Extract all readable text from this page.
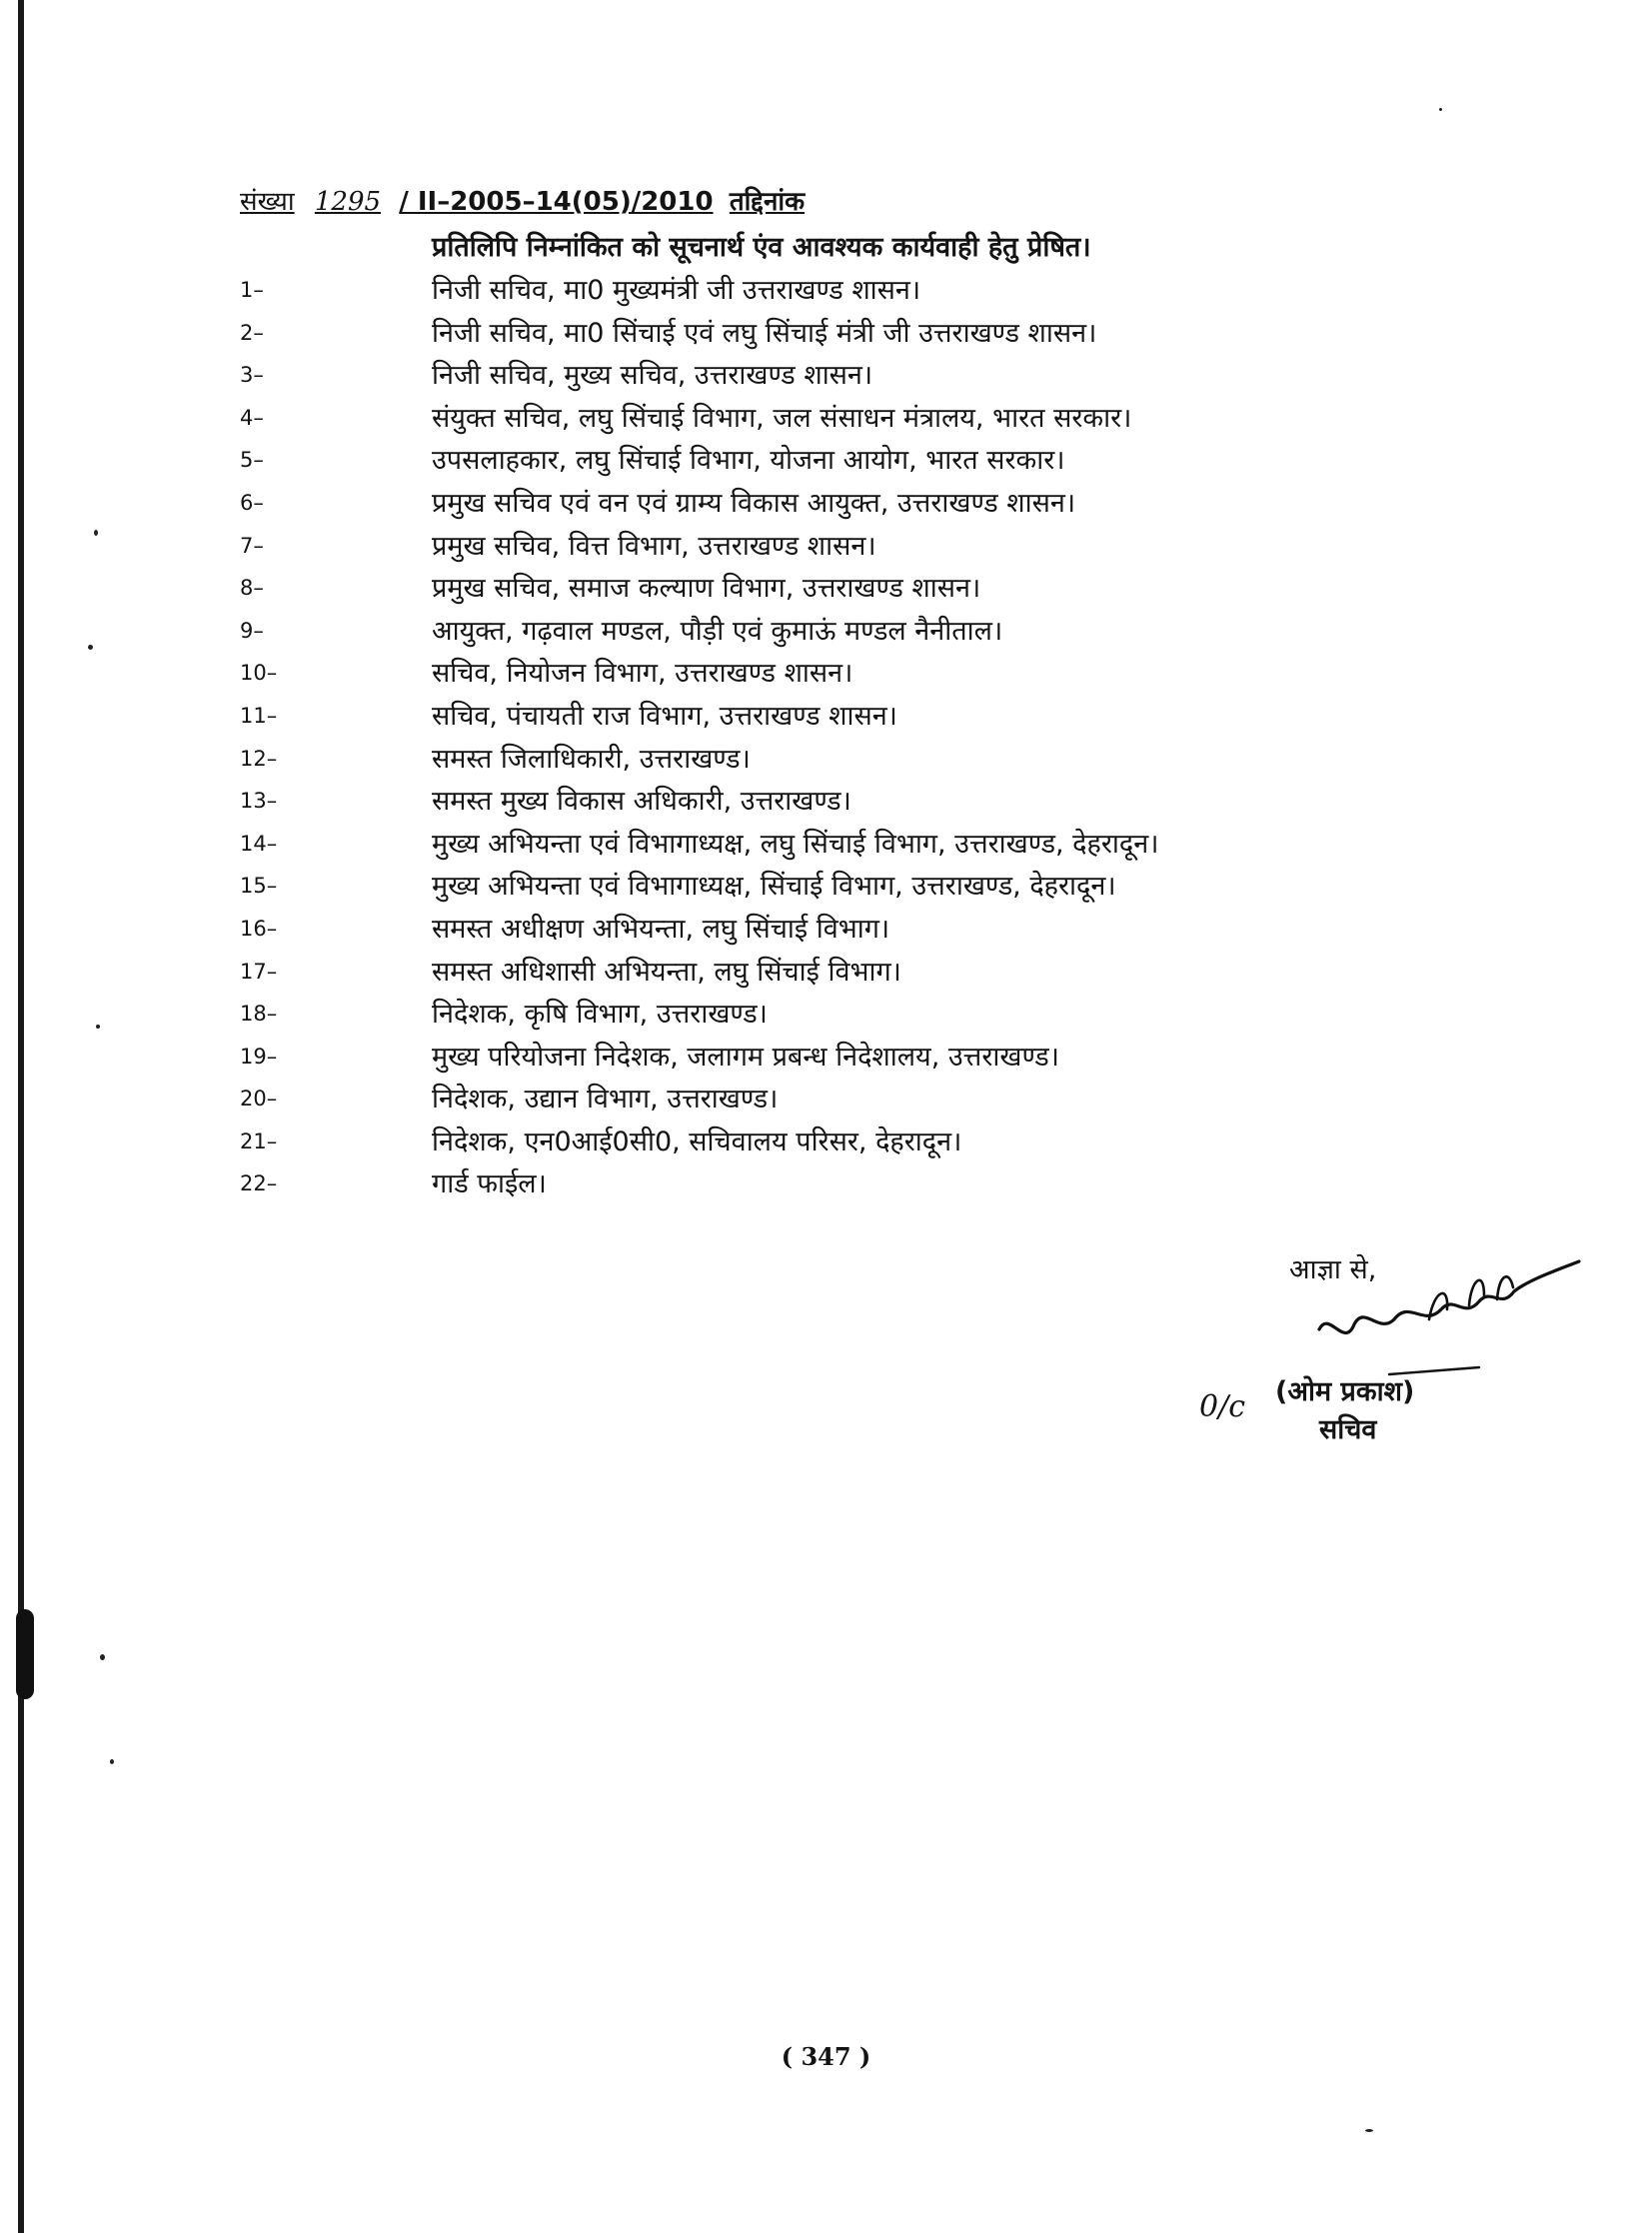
संख्या 1295 / II–2005–14(05)/2010 तद्दिनांक
प्रतिलिपि निम्नांकित को सूचनार्थ एंव आवश्यक कार्यवाही हेतु प्रेषित।
1–	निजी सचिव, मा0 मुख्यमंत्री जी उत्तराखण्ड शासन।
2–	निजी सचिव, मा0 सिंचाई एवं लघु सिंचाई मंत्री जी उत्तराखण्ड शासन।
3–	निजी सचिव, मुख्य सचिव, उत्तराखण्ड शासन।
4–	संयुक्त सचिव, लघु सिंचाई विभाग, जल संसाधन मंत्रालय, भारत सरकार।
5–	उपसलाहकार, लघु सिंचाई विभाग, योजना आयोग, भारत सरकार।
6–	प्रमुख सचिव एवं वन एवं ग्राम्य विकास आयुक्त, उत्तराखण्ड शासन।
7–	प्रमुख सचिव, वित्त विभाग, उत्तराखण्ड शासन।
8–	प्रमुख सचिव, समाज कल्याण विभाग, उत्तराखण्ड शासन।
9–	आयुक्त, गढ़वाल मण्डल, पौड़ी एवं कुमाऊं मण्डल नैनीताल।
10–	सचिव, नियोजन विभाग, उत्तराखण्ड शासन।
11–	सचिव, पंचायती राज विभाग, उत्तराखण्ड शासन।
12–	समस्त जिलाधिकारी, उत्तराखण्ड।
13–	समस्त मुख्य विकास अधिकारी, उत्तराखण्ड।
14–	मुख्य अभियन्ता एवं विभागाध्यक्ष, लघु सिंचाई विभाग, उत्तराखण्ड, देहरादून।
15–	मुख्य अभियन्ता एवं विभागाध्यक्ष, सिंचाई विभाग, उत्तराखण्ड, देहरादून।
16–	समस्त अधीक्षण अभियन्ता, लघु सिंचाई विभाग।
17–	समस्त अधिशासी अभियन्ता, लघु सिंचाई विभाग।
18–	निदेशक, कृषि विभाग, उत्तराखण्ड।
19–	मुख्य परियोजना निदेशक, जलागम प्रबन्ध निदेशालय, उत्तराखण्ड।
20–	निदेशक, उद्यान विभाग, उत्तराखण्ड।
21–	निदेशक, एन0आई0सी0, सचिवालय परिसर, देहरादून।
22–	गार्ड फाईल।
आज्ञा से,
0/c (ओम प्रकाश)
सचिव
( 347 )
